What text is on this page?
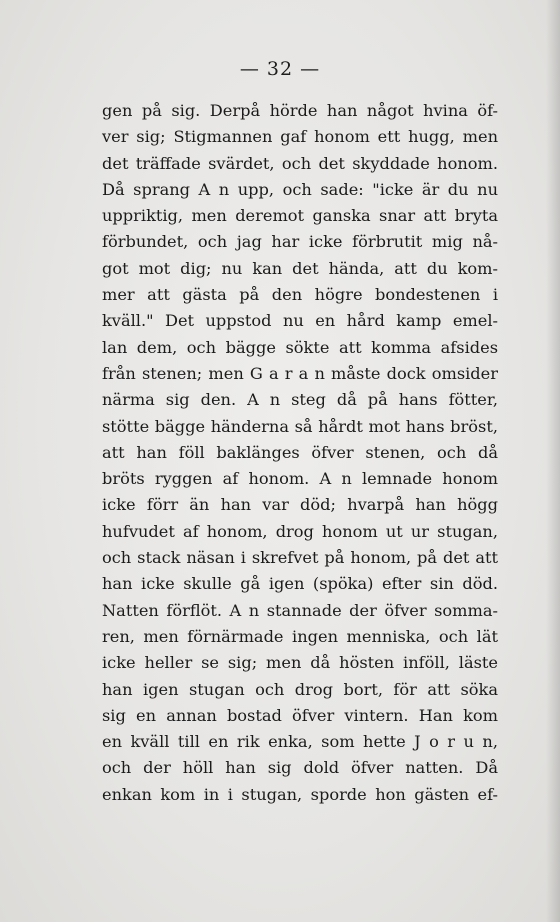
— 32 —
gen på sig. Derpå hörde han något hvina öf-
ver sig; Stigmannen gaf honom ett hugg, men
det träffade svärdet, och det skyddade honom.
Då sprang A n upp, och sade: "icke är du nu
uppriktig, men deremot ganska snar att bryta
förbundet, och jag har icke förbrutit mig nå-
got mot dig; nu kan det hända, att du kom-
mer att gästa på den högre bondestenen i
kväll." Det uppstod nu en hård kamp emel-
lan dem, och bägge sökte att komma afsides
från stenen; men G a r a n måste dock omsider
närma sig den. A n steg då på hans fötter,
stötte bägge händerna så hårdt mot hans bröst,
att han föll baklänges öfver stenen, och då
bröts ryggen af honom. A n lemnade honom
icke förr än han var död; hvarpå han högg
hufvudet af honom, drog honom ut ur stugan,
och stack näsan i skrefvet på honom, på det att
han icke skulle gå igen (spöka) efter sin död.
Natten förflöt. A n stannade der öfver somma-
ren, men förnärmade ingen menniska, och lät
icke heller se sig; men då hösten inföll, läste
han igen stugan och drog bort, för att söka
sig en annan bostad öfver vintern. Han kom
en kväll till en rik enka, som hette J o r u n,
och der höll han sig dold öfver natten. Då
enkan kom in i stugan, sporde hon gästen ef-
